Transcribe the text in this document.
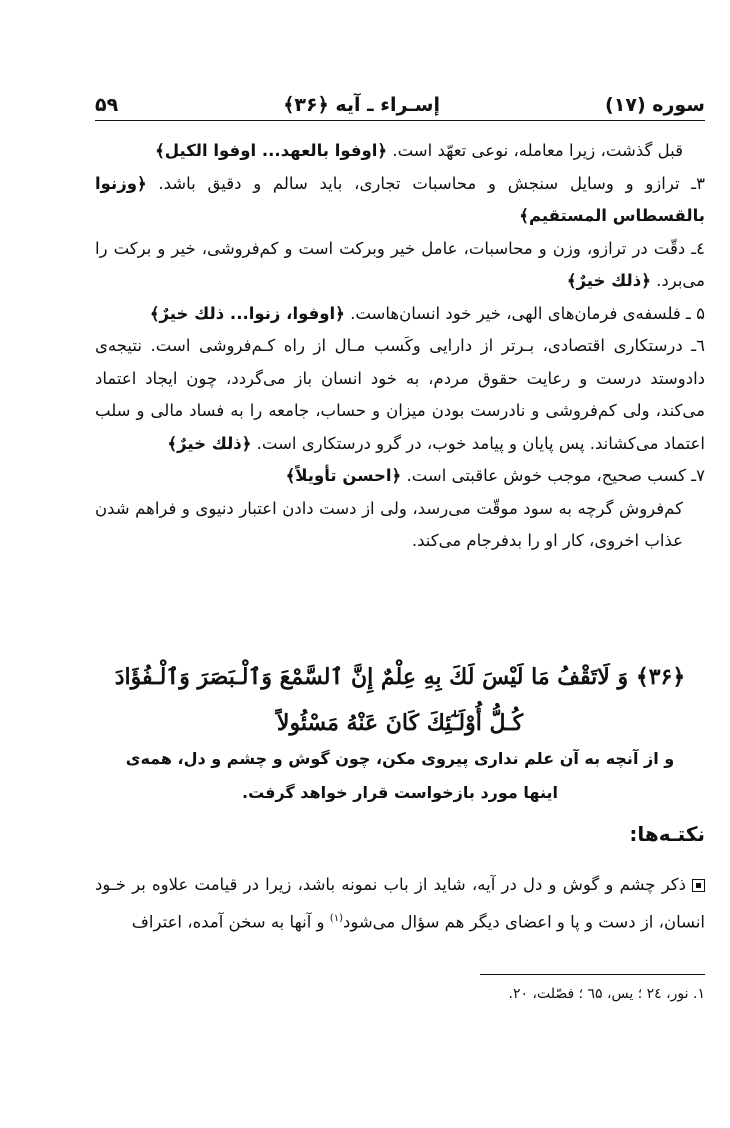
سوره (۱۷)
إسـراء ـ آیه ﴿۳۶﴾
۵۹

قبل گذشت، زیرا معامله، نوعی تعهّد است. ﴿اوفوا بالعهد... اوفوا الکیل﴾

۳ـ ترازو و وسایل سنجش و محاسبات تجاری، باید سالم و دقیق باشد. ﴿وزنوا بالقسطاس المستقیم﴾

٤ـ دقّت در ترازو، وزن و محاسبات، عامل خیر وبرکت است و کم‌فروشی، خیر و برکت را می‌برد. ﴿ذلك خیرٌ﴾

۵ ـ فلسفه‌ی فرمان‌های الهی، خیر خود انسان‌هاست. ﴿اوفوا، زنوا... ذلك خیرٌ﴾

٦ـ درستکاری اقتصادی، بـرتر از دارایی وکَسب مـال از راه کـم‌فروشی است. نتیجه‌ی دادوستد درست و رعایت حقوق مردم، به خود انسان باز می‌گردد، چون ایجاد اعتماد می‌کند، ولی کم‌فروشی و نادرست بودن میزان و حساب، جامعه را به فساد مالی و سلب اعتماد می‌کشاند. پس پایان و پیامد خوب، در گرو درستکاری است. ﴿ذلك خیرٌ﴾

۷ـ کسب صحیح، موجب خوش عاقبتی است. ﴿احسن تأویلاً﴾

کم‌فروش گرچه به سود موقّت می‌رسد، ولی از دست دادن اعتبار دنیوی و فراهم شدن عذاب اخروی، کار او را بدفرجام می‌کند.

﴿۳۶﴾ وَ لَاتَقْفُ مَا لَیْسَ لَكَ بِهِ عِلْمٌ إِنَّ ٱلسَّمْعَ وَٱلْـبَصَرَ وَٱلْـفُؤَادَ كُـلُّ أُوْلَـٰٓئِكَ كَانَ عَنْهُ مَسْئُولاً
و از آنچه به آن علم نداری پیروی مکن، چون گوش و چشم و دل، همه‌ی اینها مورد بازخواست قرار خواهد گرفت.
نکتـه‌ها:
ذکر چشم و گوش و دل در آیه، شاید از باب نمونه باشد، زیرا در قیامت علاوه بر خـود انسان، از دست و پا و اعضای دیگر هم سؤال می‌شود$^{(۱)}$ و آنها به سخن آمده، اعتراف
۱. نور، ۲٤ ؛ یس، ٦۵ ؛ فصّلت، ۲۰.
